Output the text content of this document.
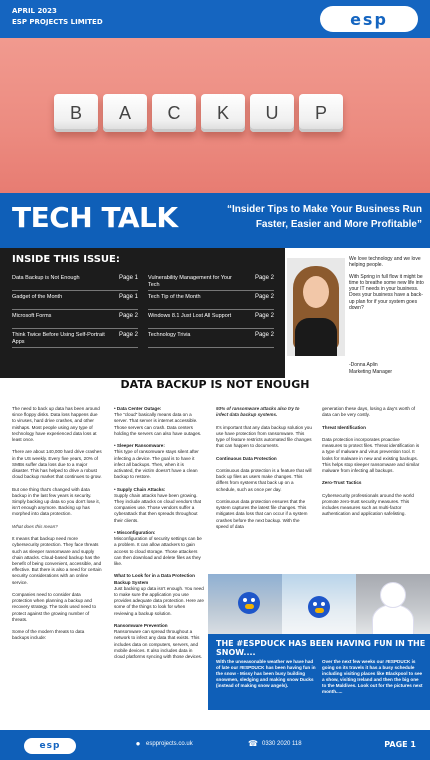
APRIL 2023
ESP PROJECTS LIMITED	esp
B	A	C	K	U	P
TECH TALK	“Insider Tips to Make Your Business Run Faster, Easier and More Profitable”
INSIDE THIS ISSUE:
Data Backup is Not Enough	Page 1
Gadget of the Month	Page 1
Microsoft Forms	Page 2
Think Twice Before Using Self-Portrait Apps
Page 2
Vulnerability Management for Your Tech
Page 2
Tech Tip of the Month	Page 2
Windows 8.1 Just Lost All Support	Page 2
Technology Trivia	Page 2

We love technology and we love helping people.

With Spring in full flow it might be time to breathe some new life into your IT needs in your business. Does your business have a back-up plan for if your system goes down?

-Donna Aplin
Marketing Manager
DATA BACKUP IS NOT ENOUGH

The need to back up data has been around since floppy disks. Data loss happens due to viruses, hard drive crashes, and other mishaps. Most people using any type of technology have experienced data loss at least once.

There are about 140,000 hard drive crashes in the US weekly. Every five years, 20% of SMBs suffer data loss due to a major disaster. This has helped to drive a robust cloud backup market that continues to grow.

But one thing that's changed with data backup in the last few years is security. Simply backing up data so you don't lose it, isn't enough anymore. Backing up has morphed into data protection.

What does this mean?

It means that backup need more cybersecurity protection. They face threats such as sleeper ransomware and supply chain attacks. Cloud-based backup has the benefit of being convenient, accessible, and effective. But there is also a need for certain security considerations with an online service.

Companies need to consider data protection when planning a backup and recovery strategy. The tools used need to protect against the growing number of threats.

Some of the modern threats to data backups include:

• Data Center Outage:
The “cloud” basically means data on a server. That server is internet accessible. Those servers can crash. Data centers holding the servers can also have outages.

• Sleeper Ransomware:
This type of ransomware stays silent after infecting a device. The goal is to have it infect all backups. Then, when it is activated, the victim doesn't have a clean backup to restore.

• Supply Chain Attacks:
Supply chain attacks have been growing. They include attacks on cloud vendors that companies use. Those vendors suffer a cyberattack that then spreads throughout their clients.

• Misconfiguration:
Misconfiguration of security settings can be a problem. It can allow attackers to gain access to cloud storage. Those attackers can then download and delete files as they like.

What to Look for in a Data Protection Backup System
Just backing up data isn't enough. You need to make sure the application you use provides adequate data protection. Here are some of the things to look for when reviewing a backup solution.

Ransomware Prevention
Ransomware can spread throughout a network to infect any data that exists. This includes data on computers, servers, and mobile devices. It also includes data in cloud platforms syncing with those devices.

93% of ransomware attacks also try to infect data backup systems.

It's important that any data backup solution you use have protection from ransomware. This type of feature restricts automated file changes that can happen to documents.

Continuous Data Protection

Continuous data protection is a feature that will back up files as users make changes. This differs from systems that back up on a schedule, such as once per day.

Continuous data protection ensures that the system captures the latest file changes. This mitigates data loss that can occur if a system crashes before the next backup. With the speed of data

generation these days, losing a day's worth of data can be very costly.

Threat Identification

Data protection incorporates proactive measures to protect files. Threat identification is a type of malware and virus prevention tool. It looks for malware in new and existing backups. This helps stop sleeper ransomware and similar malware from infecting all backups.

Zero-Trust Tactics

Cybersecurity professionals around the world promote zero-trust security measures. This includes measures such as multi-factor authentication and application safelisting.

THE #ESPDUCK HAS BEEN HAVING FUN IN THE SNOW....
With the unseasonable weather we have had of late our #ESPDUCK has been having fun in the snow - Missy has been busy building snowmen, sledging and making snow Ducks (instead of making snow angels).
Over the next few weeks our #ESPDUCK is going on its travels it has a busy schedule including visiting places like Blackpool to see a show, visiting Ireland and then the big one to the Maldives. Look out for the pictures next month.....
esp	● espprojects.co.uk	☎ 0330 2020 118	PAGE 1
